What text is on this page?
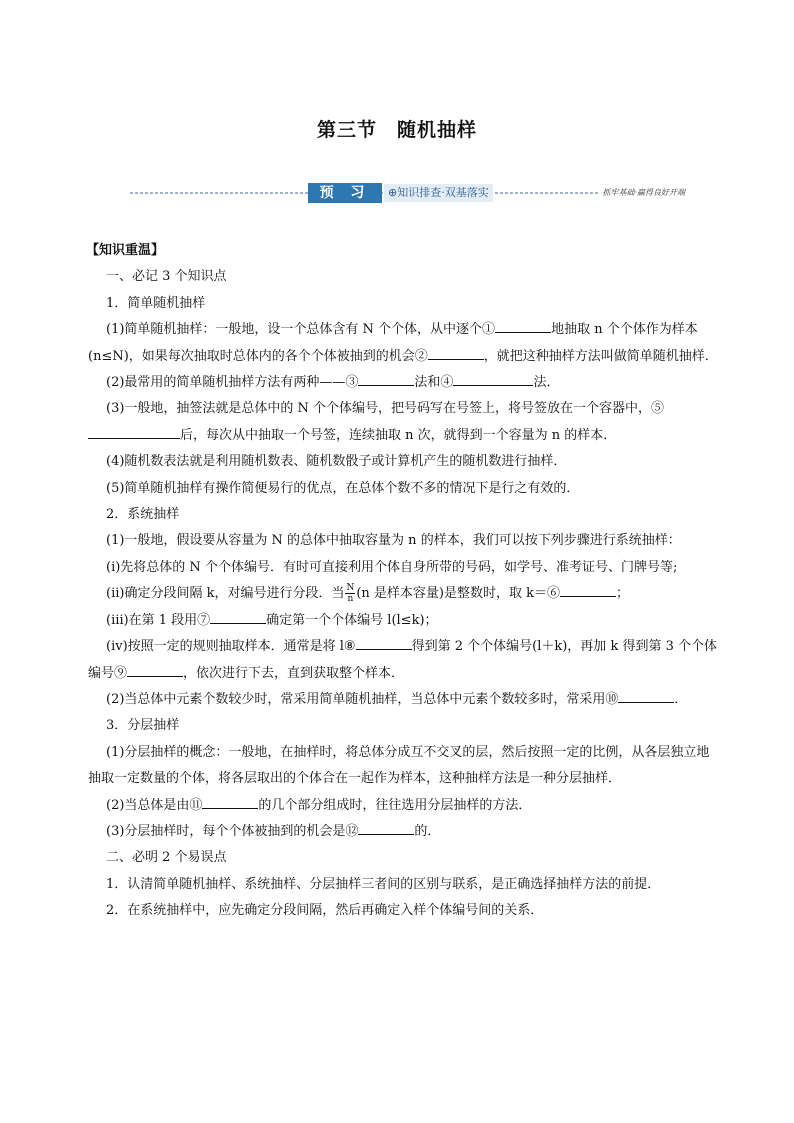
第三节　随机抽样
预 习	⊕知识排查·双基落实	抓牢基础·赢得良好开端

【知识重温】

一、必记 3 个知识点

1．简单随机抽样

(1)简单随机抽样：一般地，设一个总体含有 N 个个体，从中逐个①	地抽取 n 个个体作为样本(n≤N)，如果每次抽取时总体内的各个个体被抽到的机会②	，就把这种抽样方法叫做简单随机抽样．

(2)最常用的简单随机抽样方法有两种——③	法和④	法．

(3)一般地，抽签法就是总体中的 N 个个体编号，把号码写在号签上，将号签放在一个容器中，⑤后，每次从中抽取一个号签，连续抽取 n 次，就得到一个容量为 n 的样本．

(4)随机数表法就是利用随机数表、随机数骰子或计算机产生的随机数进行抽样．

(5)简单随机抽样有操作简便易行的优点，在总体个数不多的情况下是行之有效的．

2．系统抽样

(1)一般地，假设要从容量为 N 的总体中抽取容量为 n 的样本，我们可以按下列步骤进行系统抽样：

(ⅰ)先将总体的 N 个个体编号．有时可直接利用个体自身所带的号码，如学号、准考证号、门牌号等;

(ⅱ)确定分段间隔 k，对编号进行分段．当 $\frac{N}{n} (n$ 是样本容量)是整数时，取 k＝⑥	；

(ⅲ)在第 1 段用⑦	确定第一个个体编号 l(l≤k)；

(ⅳ)按照一定的规则抽取样本．通常是将 l⑧	得到第 2 个个体编号(l＋k)，再加 k 得到第 3 个个体编号⑨	，依次进行下去，直到获取整个样本．

(2)当总体中元素个数较少时，常采用简单随机抽样，当总体中元素个数较多时，常采用⑩	．

3．分层抽样

(1)分层抽样的概念：一般地，在抽样时，将总体分成互不交叉的层，然后按照一定的比例，从各层独立地抽取一定数量的个体，将各层取出的个体合在一起作为样本，这种抽样方法是一种分层抽样．

(2)当总体是由⑪	的几个部分组成时，往往选用分层抽样的方法．

(3)分层抽样时，每个个体被抽到的机会是⑫	的．

二、必明 2 个易误点

1．认清简单随机抽样、系统抽样、分层抽样三者间的区别与联系，是正确选择抽样方法的前提．

2．在系统抽样中，应先确定分段间隔，然后再确定入样个体编号间的关系．
